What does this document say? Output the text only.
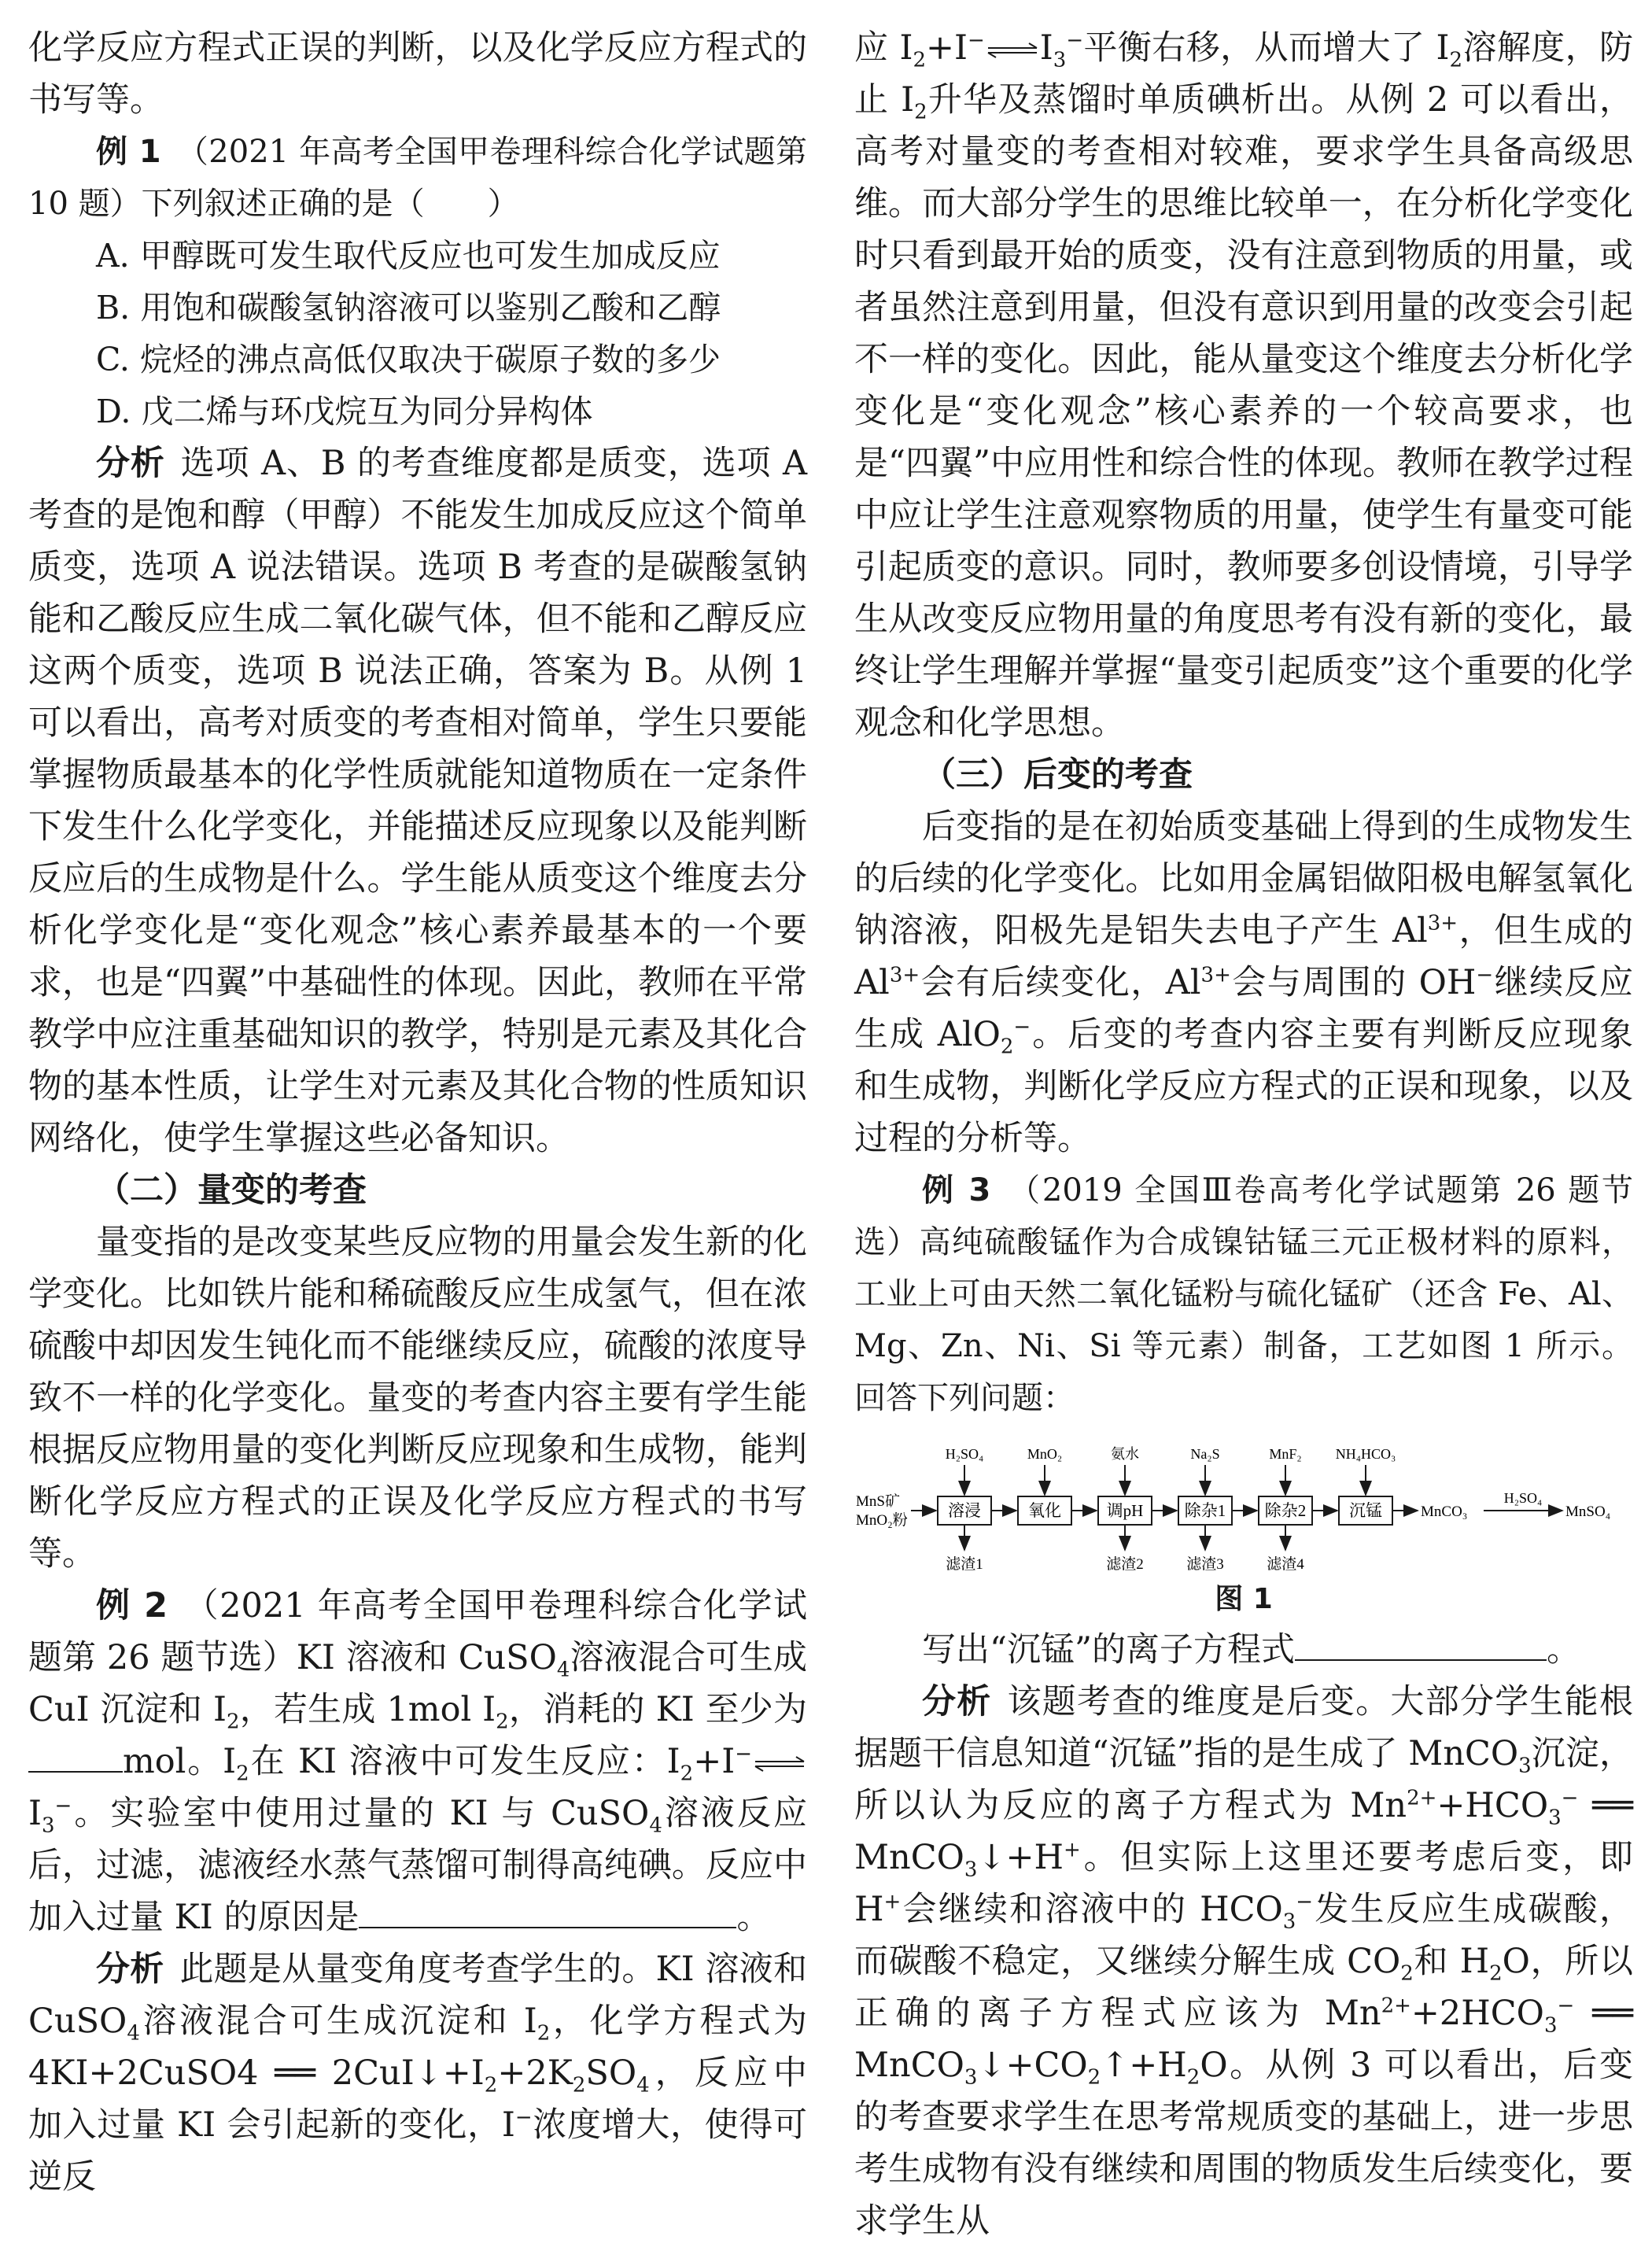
化学反应方程式正误的判断，以及化学反应方程式的书写等。

例 1 （2021 年高考全国甲卷理科综合化学试题第 10 题）下列叙述正确的是（　　）

A. 甲醇既可发生取代反应也可发生加成反应

B. 用饱和碳酸氢钠溶液可以鉴别乙酸和乙醇

C. 烷烃的沸点高低仅取决于碳原子数的多少

D. 戊二烯与环戊烷互为同分异构体

分析 选项 A、B 的考查维度都是质变，选项 A 考查的是饱和醇（甲醇）不能发生加成反应这个简单质变，选项 A 说法错误。选项 B 考查的是碳酸氢钠能和乙酸反应生成二氧化碳气体，但不能和乙醇反应这两个质变，选项 B 说法正确，答案为 B。从例 1 可以看出，高考对质变的考查相对简单，学生只要能掌握物质最基本的化学性质就能知道物质在一定条件下发生什么化学变化，并能描述反应现象以及能判断反应后的生成物是什么。学生能从质变这个维度去分析化学变化是“变化观念”核心素养最基本的一个要求，也是“四翼”中基础性的体现。因此，教师在平常教学中应注重基础知识的教学，特别是元素及其化合物的基本性质，让学生对元素及其化合物的性质知识网络化，使学生掌握这些必备知识。

（二）量变的考查

量变指的是改变某些反应物的用量会发生新的化学变化。比如铁片能和稀硫酸反应生成氢气，但在浓硫酸中却因发生钝化而不能继续反应，硫酸的浓度导致不一样的化学变化。量变的考查内容主要有学生能根据反应物用量的变化判断反应现象和生成物，能判断化学反应方程式的正误及化学反应方程式的书写等。

例 2 （2021 年高考全国甲卷理科综合化学试题第 26 题节选）KI 溶液和 CuSO$_4$溶液混合可生成 CuI 沉淀和 $I_2$，若生成 1mol $I_2$，消耗的 KI 至少为mol。$I_2$在 KI 溶液中可发生反应：$I_2+I^-\rightleftharpoons I_3^-$。实验室中使用过量的 KI 与 CuSO$_4$溶液反应后，过滤，滤液经水蒸气蒸馏可制得高纯碘。反应中加入过量 KI 的原因是	。

分析 此题是从量变角度考查学生的。KI 溶液和 CuSO$_4$溶液混合可生成沉淀和 $I_2$，化学方程式为 4KI+2CuSO4 ══ $2CuI↓+I_2+2K_2SO_4$，反应中加入过量 KI 会引起新的变化，I−浓度增大，使得可逆反

应 $I_2+I^-\rightleftharpoons I_3^-$平衡右移，从而增大了 $I_2$溶解度，防止 $I_2$升华及蒸馏时单质碘析出。从例 2 可以看出，高考对量变的考查相对较难，要求学生具备高级思维。而大部分学生的思维比较单一，在分析化学变化时只看到最开始的质变，没有注意到物质的用量，或者虽然注意到用量，但没有意识到用量的改变会引起不一样的变化。因此，能从量变这个维度去分析化学变化是“变化观念”核心素养的一个较高要求，也是“四翼”中应用性和综合性的体现。教师在教学过程中应让学生注意观察物质的用量，使学生有量变可能引起质变的意识。同时，教师要多创设情境，引导学生从改变反应物用量的角度思考有没有新的变化，最终让学生理解并掌握“量变引起质变”这个重要的化学观念和化学思想。

（三）后变的考查

后变指的是在初始质变基础上得到的生成物发生的后续的化学变化。比如用金属铝做阳极电解氢氧化钠溶液，阳极先是铝失去电子产生 $Al^{3+}$，但生成的 $Al^{3+}$会有后续变化，$Al^{3+}$会与周围的 OH−继续反应生成 AlO$_2$−。后变的考查内容主要有判断反应现象和生成物，判断化学反应方程式的正误和现象，以及过程的分析等。

例 3 （2019 全国Ⅲ卷高考化学试题第 26 题节选）高纯硫酸锰作为合成镍钴锰三元正极材料的原料，工业上可由天然二氧化锰粉与硫化锰矿（还含 Fe、Al、Mg、Zn、Ni、Si 等元素）制备，工艺如图 1 所示。回答下列问题：

MnS矿
MnO₂粉
溶浸	氧化	调pH 除杂1 除杂2	沉锰	MnCO₃
H₂SO₄
MnSO₄
H₂SO₄	MnO₂	氨水	Na₂S	MnF₂ NH₄HCO₃
滤渣1	滤渣2	滤渣3	滤渣4
图 1

写出“沉锰”的离子方程式	。

分析 该题考查的维度是后变。大部分学生能根据题干信息知道“沉锰”指的是生成了 MnCO$_3$沉淀，所以认为反应的离子方程式为 $Mn^{2+}+HCO_3^-$ ══ MnCO$_3$↓+H+。但实际上这里还要考虑后变，即 H+会继续和溶液中的 $HCO_3^-$发生反应生成碳酸，而碳酸不稳定，又继续分解生成 $CO_2$和 $H_2O$，所以正确的离子方程式应该为 $Mn^{2+}+2HCO_3^-$ ══ $MnCO_3↓+CO_2↑+H_2O$。从例 3 可以看出，后变的考查要求学生在思考常规质变的基础上，进一步思考生成物有没有继续和周围的物质发生后续变化，要求学生从
